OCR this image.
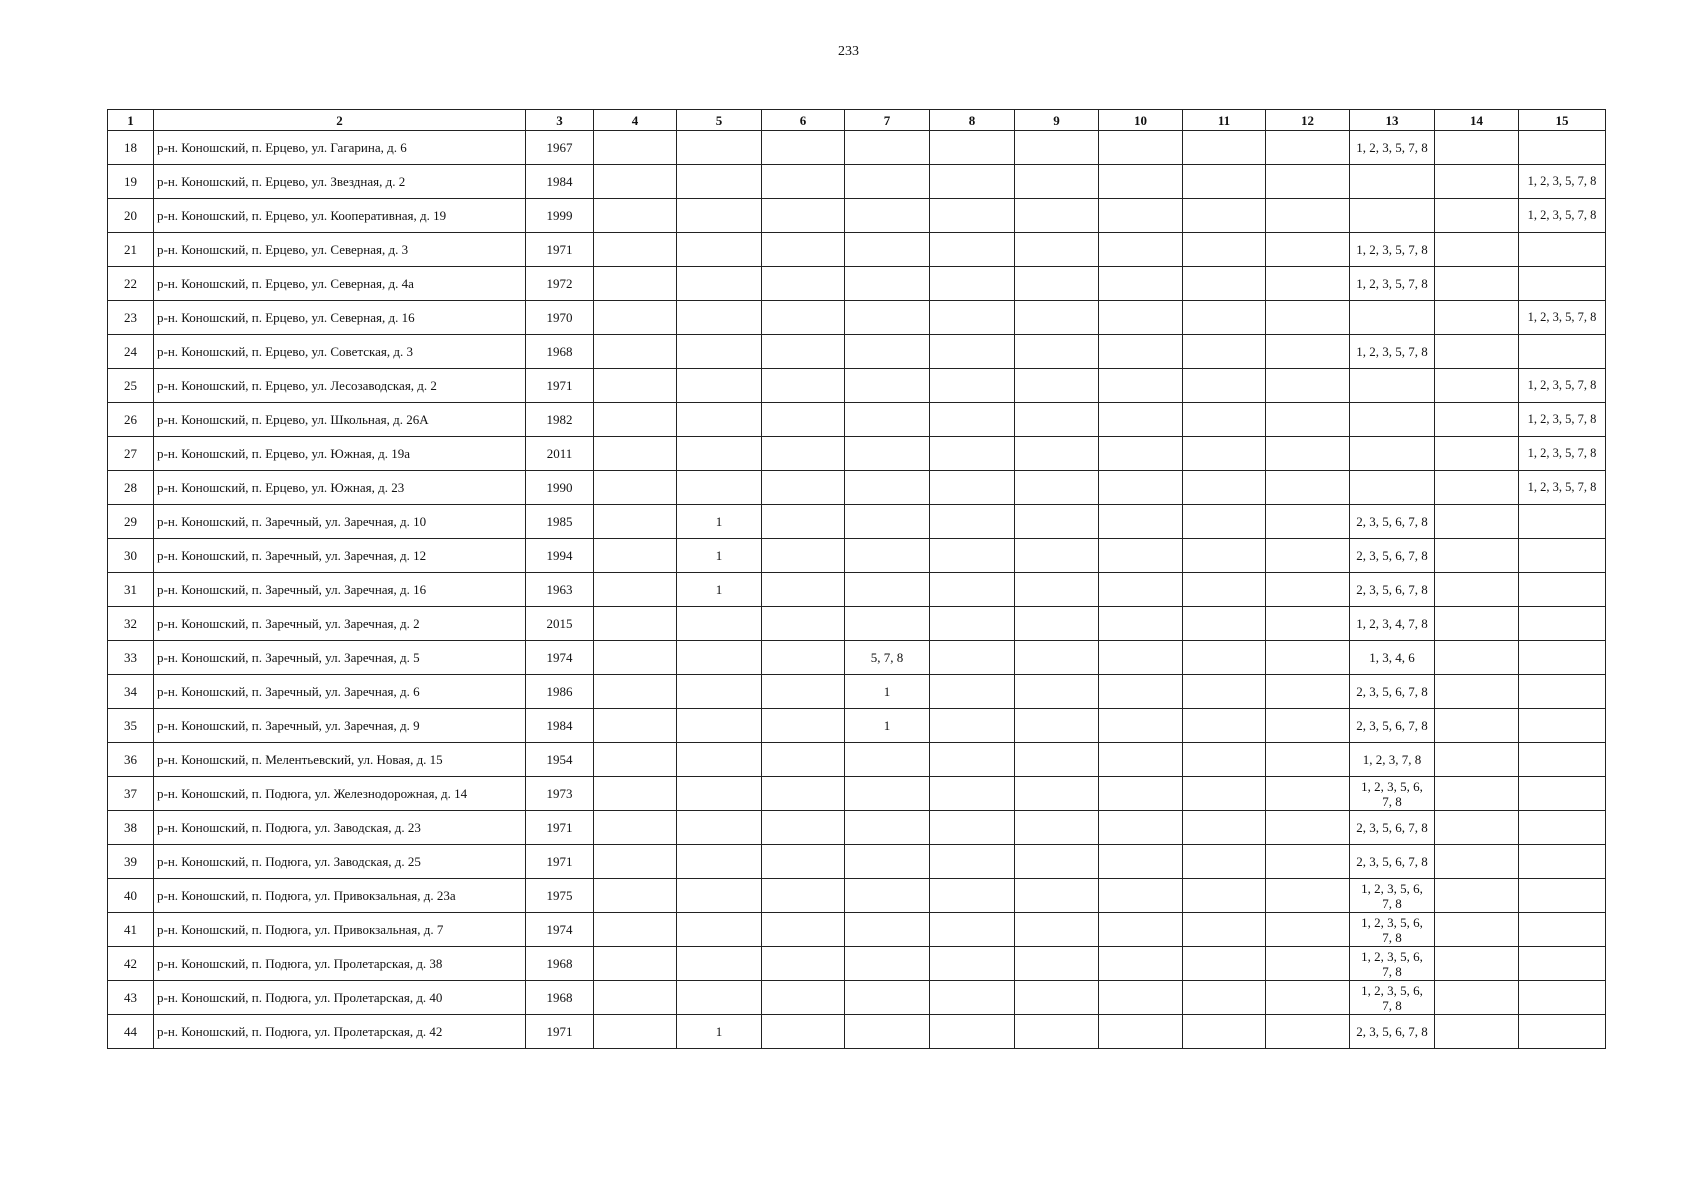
233
1	2	3	4	5	6	7	8	9	10	11	12	13	14	15
18	р-н. Коношский, п. Ерцево, ул. Гагарина, д. 6	1967										1, 2, 3, 5, 7, 8		

19	р-н. Коношский, п. Ерцево, ул. Звездная, д. 2	1984												1, 2, 3, 5, 7, 8
20	р-н. Коношский, п. Ерцево, ул. Кооперативная, д. 19	1999												1, 2, 3, 5, 7, 8
21	р-н. Коношский, п. Ерцево, ул. Северная, д. 3	1971										1, 2, 3, 5, 7, 8		

22	р-н. Коношский, п. Ерцево, ул. Северная, д. 4а	1972										1, 2, 3, 5, 7, 8		

23	р-н. Коношский, п. Ерцево, ул. Северная, д. 16	1970												1, 2, 3, 5, 7, 8
24	р-н. Коношский, п. Ерцево, ул. Советская, д. 3	1968										1, 2, 3, 5, 7, 8		

25	р-н. Коношский, п. Ерцево, ул. Лесозаводская, д. 2	1971												1, 2, 3, 5, 7, 8
26	р-н. Коношский, п. Ерцево, ул. Школьная, д. 26А	1982												1, 2, 3, 5, 7, 8
27	р-н. Коношский, п. Ерцево, ул. Южная, д. 19а	2011												1, 2, 3, 5, 7, 8
28	р-н. Коношский, п. Ерцево, ул. Южная, д. 23	1990												1, 2, 3, 5, 7, 8
29	р-н. Коношский, п. Заречный, ул. Заречная, д. 10	1985		1								2, 3, 5, 6, 7, 8		

30	р-н. Коношский, п. Заречный, ул. Заречная, д. 12	1994		1								2, 3, 5, 6, 7, 8		

31	р-н. Коношский, п. Заречный, ул. Заречная, д. 16	1963		1								2, 3, 5, 6, 7, 8		

32	р-н. Коношский, п. Заречный, ул. Заречная, д. 2	2015										1, 2, 3, 4, 7, 8		

33	р-н. Коношский, п. Заречный, ул. Заречная, д. 5	1974				5, 7, 8						1, 3, 4, 6		

34	р-н. Коношский, п. Заречный, ул. Заречная, д. 6	1986				1						2, 3, 5, 6, 7, 8		

35	р-н. Коношский, п. Заречный, ул. Заречная, д. 9	1984				1						2, 3, 5, 6, 7, 8		

36	р-н. Коношский, п. Мелентьевский, ул. Новая, д. 15	1954										1, 2, 3, 7, 8		

37	р-н. Коношский, п. Подюга, ул. Железнодорожная, д. 14	1973										1, 2, 3, 5, 6, 7, 8		

38	р-н. Коношский, п. Подюга, ул. Заводская, д. 23	1971										2, 3, 5, 6, 7, 8		

39	р-н. Коношский, п. Подюга, ул. Заводская, д. 25	1971										2, 3, 5, 6, 7, 8		

40	р-н. Коношский, п. Подюга, ул. Привокзальная, д. 23а	1975										1, 2, 3, 5, 6, 7, 8		

41	р-н. Коношский, п. Подюга, ул. Привокзальная, д. 7	1974										1, 2, 3, 5, 6, 7, 8		

42	р-н. Коношский, п. Подюга, ул. Пролетарская, д. 38	1968										1, 2, 3, 5, 6, 7, 8		

43	р-н. Коношский, п. Подюга, ул. Пролетарская, д. 40	1968										1, 2, 3, 5, 6, 7, 8		

44	р-н. Коношский, п. Подюга, ул. Пролетарская, д. 42	1971		1								2, 3, 5, 6, 7, 8		
